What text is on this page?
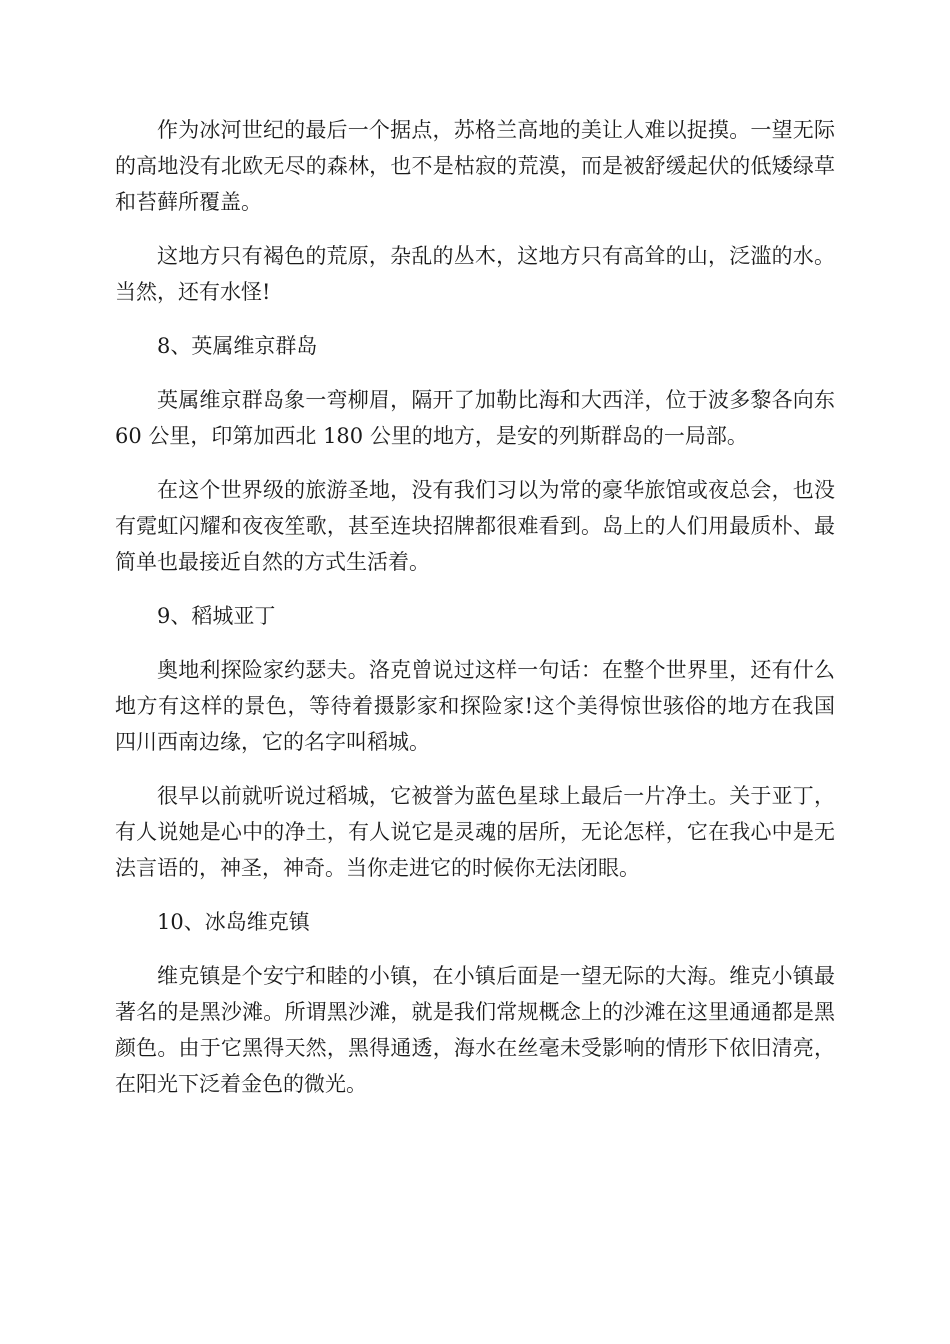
作为冰河世纪的最后一个据点，苏格兰高地的美让人难以捉摸。一望无际的高地没有北欧无尽的森林，也不是枯寂的荒漠，而是被舒缓起伏的低矮绿草和苔藓所覆盖。

这地方只有褐色的荒原，杂乱的丛木，这地方只有高耸的山，泛滥的水。当然，还有水怪!

8、英属维京群岛

英属维京群岛象一弯柳眉，隔开了加勒比海和大西洋，位于波多黎各向东 60 公里，印第加西北 180 公里的地方，是安的列斯群岛的一局部。

在这个世界级的旅游圣地，没有我们习以为常的豪华旅馆或夜总会，也没有霓虹闪耀和夜夜笙歌，甚至连块招牌都很难看到。岛上的人们用最质朴、最简单也最接近自然的方式生活着。

9、稻城亚丁

奥地利探险家约瑟夫。洛克曾说过这样一句话：在整个世界里，还有什么地方有这样的景色，等待着摄影家和探险家!这个美得惊世骇俗的地方在我国四川西南边缘，它的名字叫稻城。

很早以前就听说过稻城，它被誉为蓝色星球上最后一片净土。关于亚丁，有人说她是心中的净土，有人说它是灵魂的居所，无论怎样，它在我心中是无法言语的，神圣，神奇。当你走进它的时候你无法闭眼。

10、冰岛维克镇

维克镇是个安宁和睦的小镇，在小镇后面是一望无际的大海。维克小镇最著名的是黑沙滩。所谓黑沙滩，就是我们常规概念上的沙滩在这里通通都是黑颜色。由于它黑得天然，黑得通透，海水在丝毫未受影响的情形下依旧清亮，在阳光下泛着金色的微光。
